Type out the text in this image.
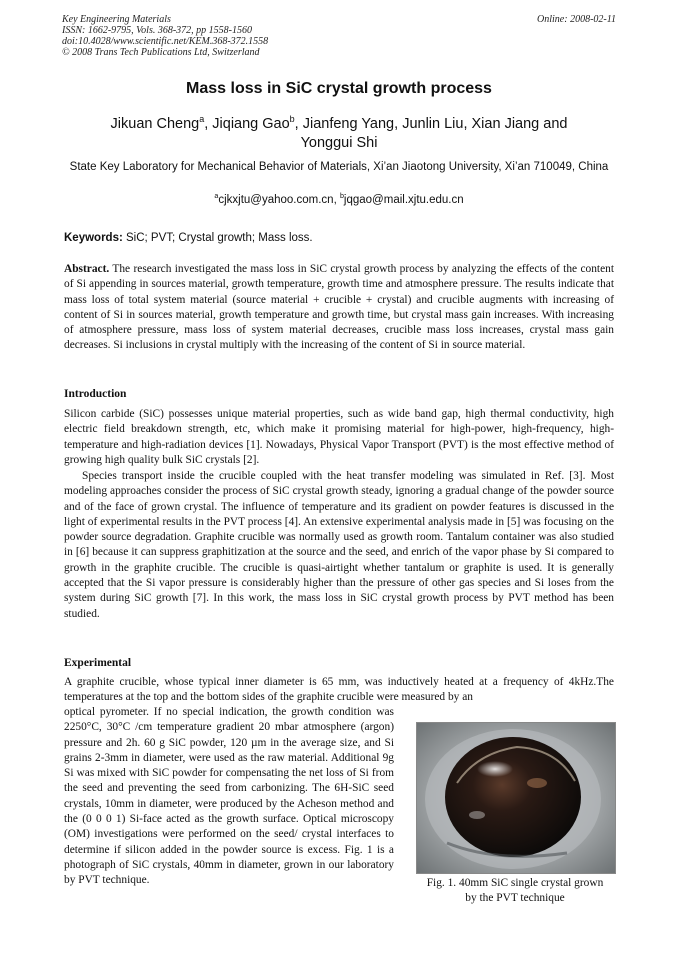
Key Engineering Materials
ISSN: 1662-9795, Vols. 368-372, pp 1558-1560
doi:10.4028/www.scientific.net/KEM.368-372.1558
© 2008 Trans Tech Publications Ltd, Switzerland
Online: 2008-02-11
Mass loss in SiC crystal growth process
Jikuan Cheng$^a$, Jiqiang Gao$^b$, Jianfeng Yang, Junlin Liu, Xian Jiang and
Yonggui Shi
State Key Laboratory for Mechanical Behavior of Materials, Xi’an Jiaotong University, Xi’an 710049, China
$^a$cjkxjtu@yahoo.com.cn, $^b$jqgao@mail.xjtu.edu.cn
Keywords: SiC; PVT; Crystal growth; Mass loss.

Abstract. The research investigated the mass loss in SiC crystal growth process by analyzing the effects of the content of Si appending in sources material, growth temperature, growth time and atmosphere pressure. The results indicate that mass loss of total system material (source material + crucible + crystal) and crucible augments with increasing of content of Si in sources material, growth temperature and growth time, but crystal mass gain increases. With increasing of atmosphere pressure, mass loss of system material decreases, crucible mass loss increases, crystal mass gain decreases. Si inclusions in crystal multiply with the increasing of the content of Si in source material.

Introduction

Silicon carbide (SiC) possesses unique material properties, such as wide band gap, high thermal conductivity, high electric field breakdown strength, etc, which make it promising material for high-power, high-frequency, high-temperature and high-radiation devices [1]. Nowadays, Physical Vapor Transport (PVT) is the most effective method of growing high quality bulk SiC crystals [2].

Species transport inside the crucible coupled with the heat transfer modeling was simulated in Ref. [3]. Most modeling approaches consider the process of SiC crystal growth steady, ignoring a gradual change of the powder source and of the face of grown crystal. The influence of temperature and its gradient on powder features is discussed in the light of experimental results in the PVT process [4]. An extensive experimental analysis made in [5] was focusing on the powder source degradation. Graphite crucible was normally used as growth room. Tantalum container was also studied in [6] because it can suppress graphitization at the source and the seed, and enrich of the vapor phase by Si compared to growth in the graphite crucible. The crucible is quasi-airtight whether tantalum or graphite is used. It is generally accepted that the Si vapor pressure is considerably higher than the pressure of other gas species and Si loses from the system during SiC growth [7]. In this work, the mass loss in SiC crystal growth process by PVT method has been studied.

Experimental

A graphite crucible, whose typical inner diameter is 65 mm, was inductively heated at a frequency of 4kHz.The temperatures at the top and the bottom sides of the graphite crucible were measured by an

optical pyrometer. If no special indication, the growth condition was 2250°C, 30°C /cm temperature gradient 20 mbar atmosphere (argon) pressure and 2h. 60 g SiC powder, 120 µm in the average size, and Si grains 2-3mm in diameter, were used as the raw material. Additional 9g Si was mixed with SiC powder for compensating the net loss of Si from the seed and preventing the seed from carbonizing. The 6H-SiC seed crystals, 10mm in diameter, were produced by the Acheson method and the (0 0 0 1) Si-face acted as the growth surface. Optical microscopy (OM) investigations were performed on the seed/ crystal interfaces to determine if silicon added in the powder source is excess. Fig. 1 is a photograph of SiC crystals, 40mm in diameter, grown in our laboratory by PVT technique.	Fig. 1. 40mm SiC single crystal grown by the PVT technique
